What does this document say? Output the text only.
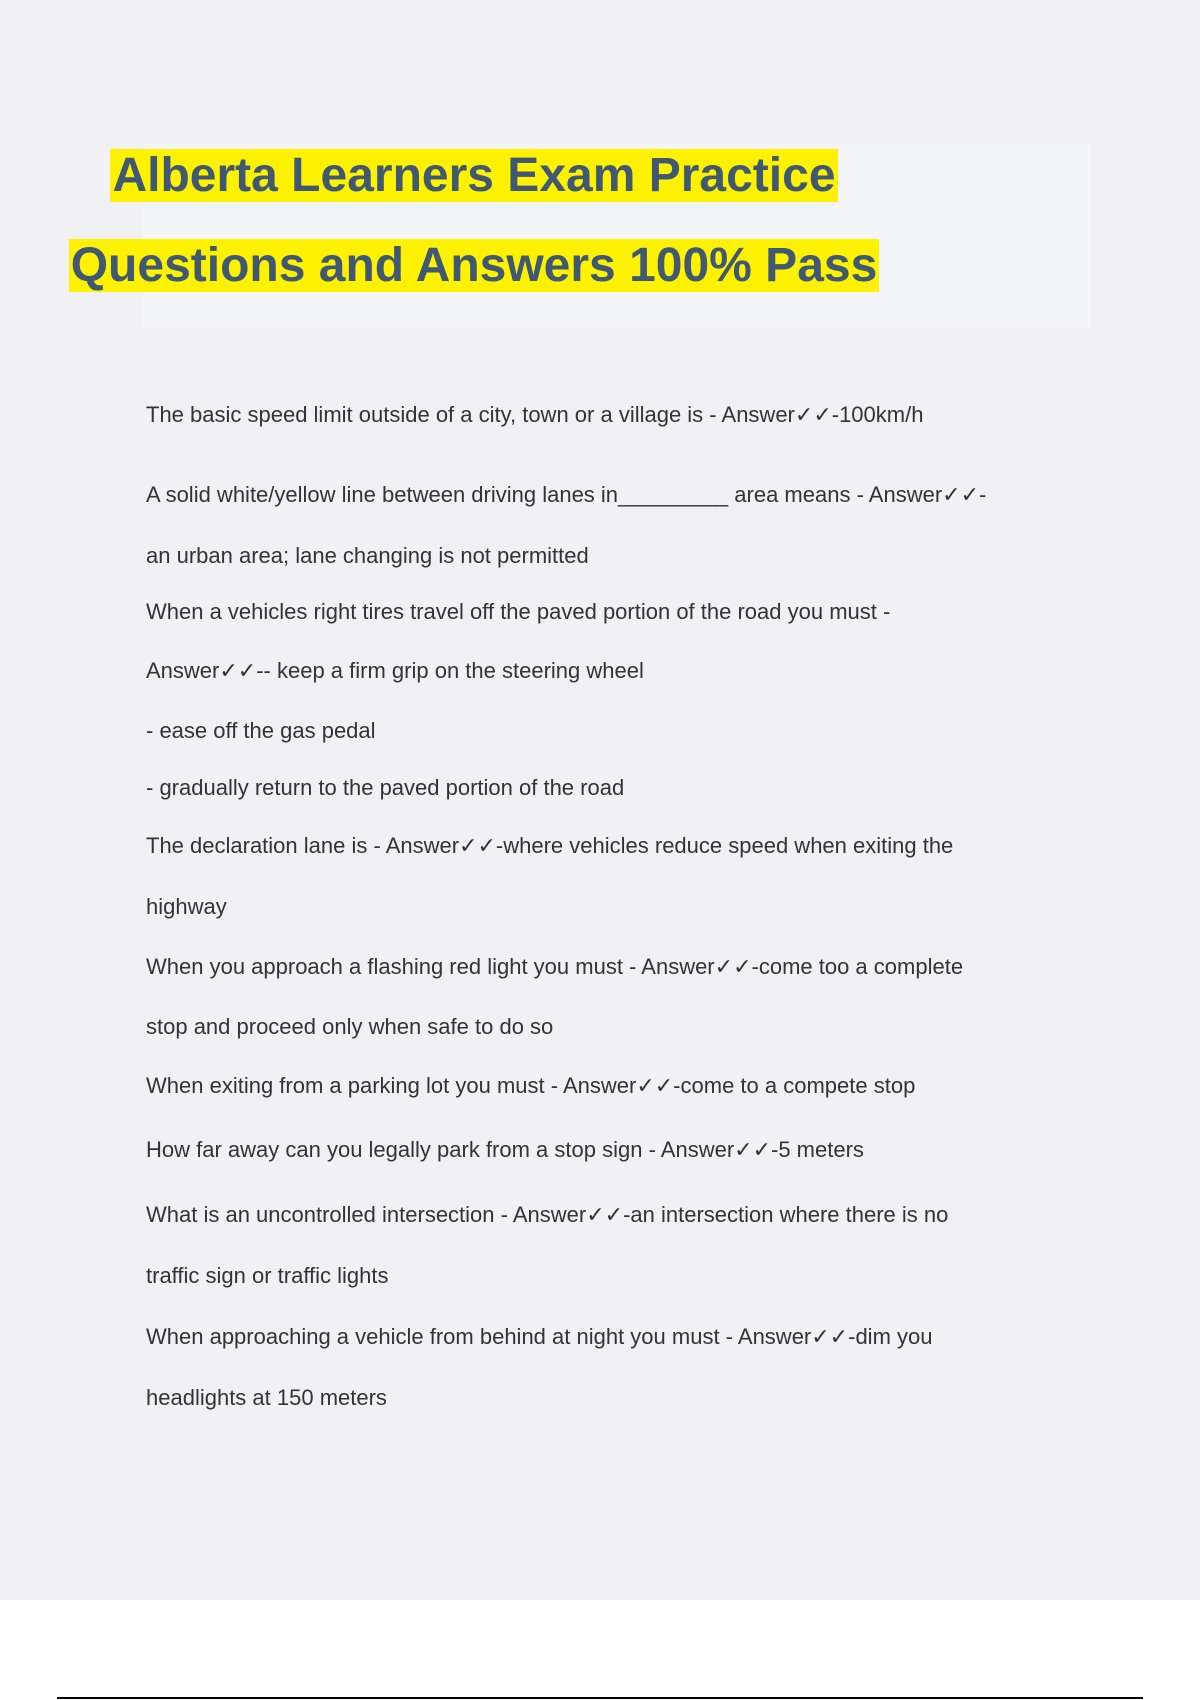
Alberta Learners Exam Practice
Questions and Answers 100% Pass
The basic speed limit outside of a city, town or a village is - Answer✓✓-100km/h
A solid white/yellow line between driving lanes in_________ area means - Answer✓✓-
an urban area; lane changing is not permitted
When a vehicles right tires travel off the paved portion of the road you must -
Answer✓✓-- keep a firm grip on the steering wheel
- ease off the gas pedal
- gradually return to the paved portion of the road
The declaration lane is - Answer✓✓-where vehicles reduce speed when exiting the
highway
When you approach a flashing red light you must - Answer✓✓-come too a complete
stop and proceed only when safe to do so
When exiting from a parking lot you must - Answer✓✓-come to a compete stop
How far away can you legally park from a stop sign - Answer✓✓-5 meters
What is an uncontrolled intersection - Answer✓✓-an intersection where there is no
traffic sign or traffic lights
When approaching a vehicle from behind at night you must - Answer✓✓-dim you
headlights at 150 meters
